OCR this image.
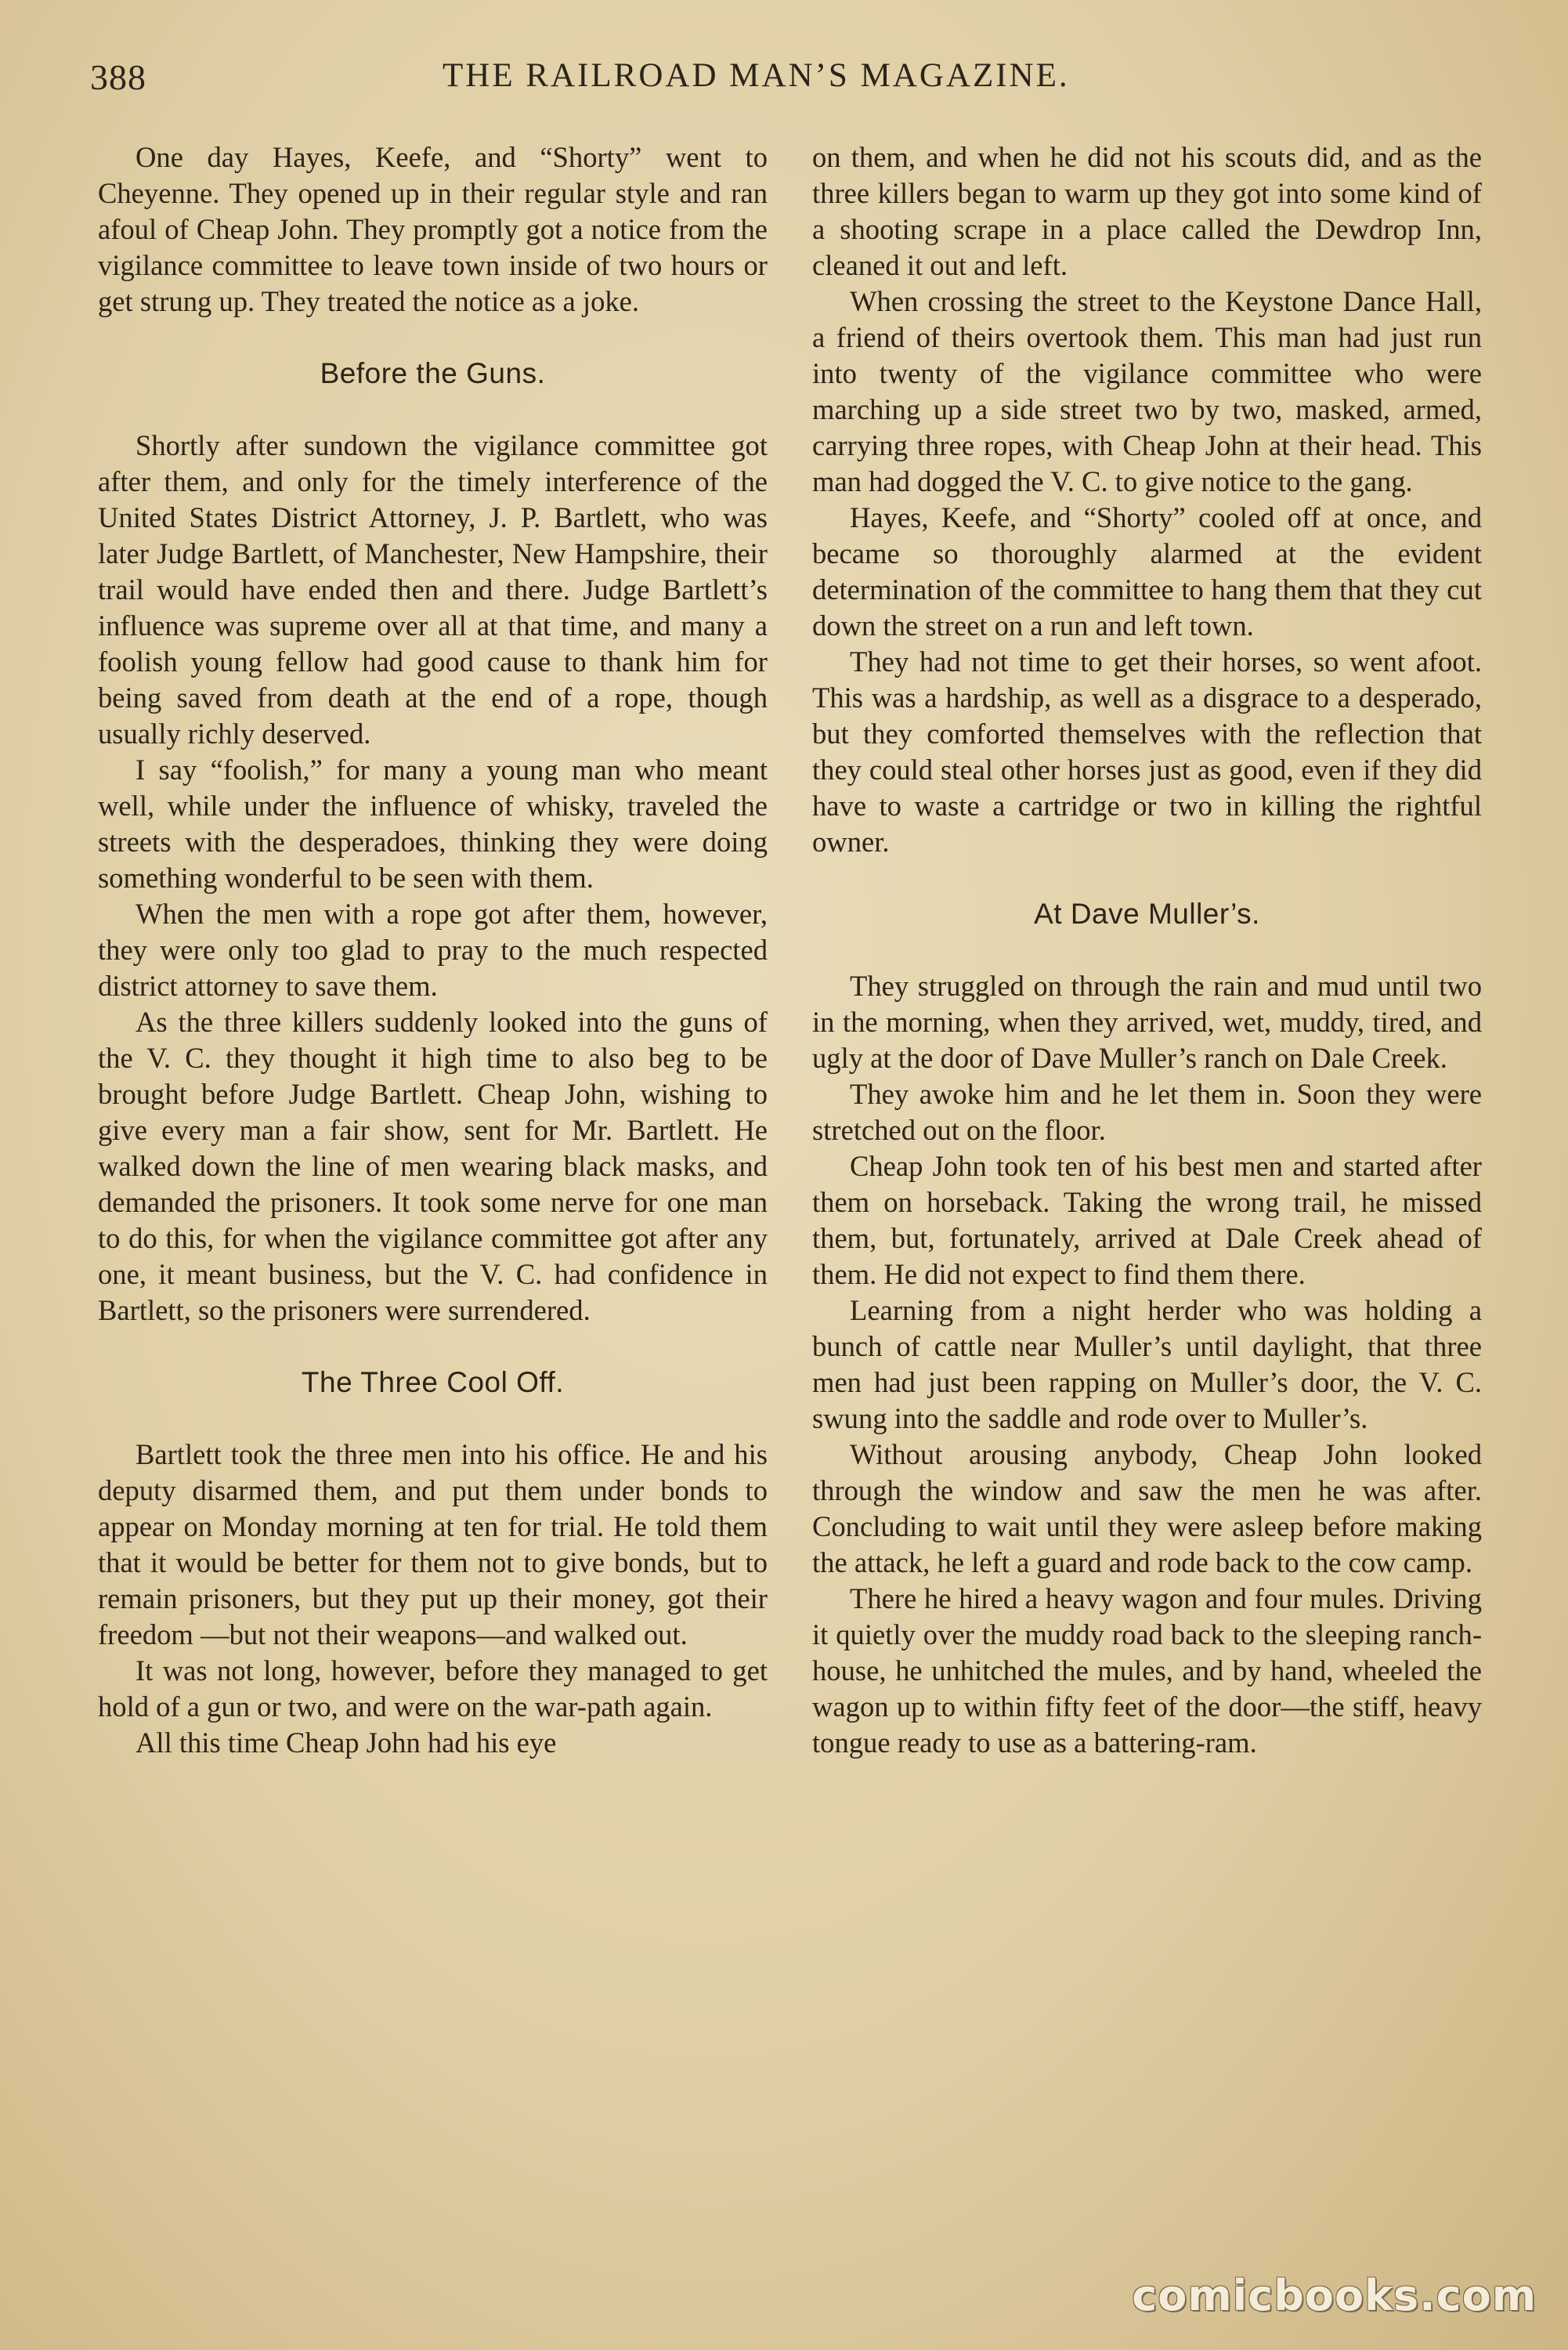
388	THE RAILROAD MAN’S MAGAZINE.

One day Hayes, Keefe, and “Shorty” went to Cheyenne. They opened up in their regular style and ran afoul of Cheap John. They promptly got a notice from the vigilance committee to leave town inside of two hours or get strung up. They treated the notice as a joke.

Before the Guns.

Shortly after sundown the vigilance committee got after them, and only for the timely interference of the United States District Attorney, J. P. Bartlett, who was later Judge Bartlett, of Manchester, New Hampshire, their trail would have ended then and there. Judge Bartlett’s influence was supreme over all at that time, and many a foolish young fellow had good cause to thank him for being saved from death at the end of a rope, though usually richly deserved.

I say “foolish,” for many a young man who meant well, while under the influence of whisky, traveled the streets with the desperadoes, thinking they were doing something wonderful to be seen with them.

When the men with a rope got after them, however, they were only too glad to pray to the much respected district attorney to save them.

As the three killers suddenly looked into the guns of the V. C. they thought it high time to also beg to be brought before Judge Bartlett. Cheap John, wishing to give every man a fair show, sent for Mr. Bartlett. He walked down the line of men wearing black masks, and demanded the prisoners. It took some nerve for one man to do this, for when the vigilance committee got after any one, it meant business, but the V. C. had confidence in Bartlett, so the prisoners were surrendered.

The Three Cool Off.

Bartlett took the three men into his office. He and his deputy disarmed them, and put them under bonds to appear on Monday morning at ten for trial. He told them that it would be better for them not to give bonds, but to remain prisoners, but they put up their money, got their freedom —but not their weapons—and walked out.

It was not long, however, before they managed to get hold of a gun or two, and were on the war-path again.

All this time Cheap John had his eye

on them, and when he did not his scouts did, and as the three killers began to warm up they got into some kind of a shooting scrape in a place called the Dewdrop Inn, cleaned it out and left.

When crossing the street to the Keystone Dance Hall, a friend of theirs overtook them. This man had just run into twenty of the vigilance committee who were marching up a side street two by two, masked, armed, carrying three ropes, with Cheap John at their head. This man had dogged the V. C. to give notice to the gang.

Hayes, Keefe, and “Shorty” cooled off at once, and became so thoroughly alarmed at the evident determination of the committee to hang them that they cut down the street on a run and left town.

They had not time to get their horses, so went afoot. This was a hardship, as well as a disgrace to a desperado, but they comforted themselves with the reflection that they could steal other horses just as good, even if they did have to waste a cartridge or two in killing the rightful owner.

At Dave Muller’s.

They struggled on through the rain and mud until two in the morning, when they arrived, wet, muddy, tired, and ugly at the door of Dave Muller’s ranch on Dale Creek.

They awoke him and he let them in. Soon they were stretched out on the floor.

Cheap John took ten of his best men and started after them on horseback. Taking the wrong trail, he missed them, but, fortunately, arrived at Dale Creek ahead of them. He did not expect to find them there.

Learning from a night herder who was holding a bunch of cattle near Muller’s until daylight, that three men had just been rapping on Muller’s door, the V. C. swung into the saddle and rode over to Muller’s.

Without arousing anybody, Cheap John looked through the window and saw the men he was after. Concluding to wait until they were asleep before making the attack, he left a guard and rode back to the cow camp.

There he hired a heavy wagon and four mules. Driving it quietly over the muddy road back to the sleeping ranch-house, he unhitched the mules, and by hand, wheeled the wagon up to within fifty feet of the door—the stiff, heavy tongue ready to use as a battering-ram.

comicbooks.com
